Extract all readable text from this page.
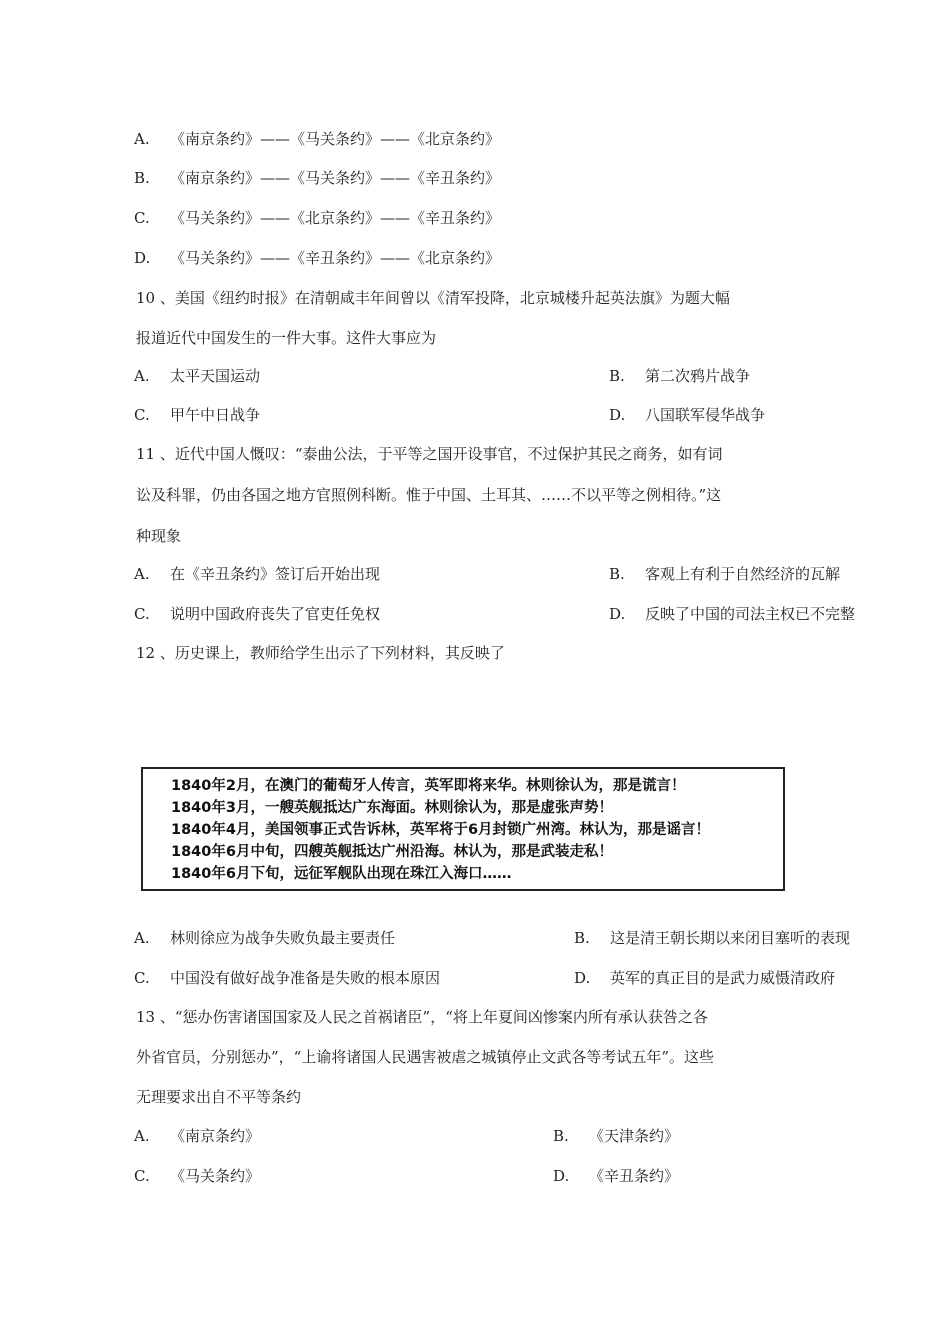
A. 《南京条约》——《马关条约》——《北京条约》
B. 《南京条约》——《马关条约》——《辛丑条约》
C. 《马关条约》——《北京条约》——《辛丑条约》
D. 《马关条约》——《辛丑条约》——《北京条约》
10 、美国《纽约时报》在清朝咸丰年间曾以《清军投降，北京城楼升起英法旗》为题大幅
报道近代中国发生的一件大事。这件大事应为
A. 太平天国运动	B. 第二次鸦片战争
C. 甲午中日战争	D. 八国联军侵华战争
11 、近代中国人慨叹：“泰曲公法，于平等之国开设事官，不过保护其民之商务，如有词
讼及科罪，仍由各国之地方官照例科断。惟于中国、土耳其、……不以平等之例相待。”这
种现象
A. 在《辛丑条约》签订后开始出现	B. 客观上有利于自然经济的瓦解
C. 说明中国政府丧失了官吏任免权	D. 反映了中国的司法主权已不完整
12 、历史课上，教师给学生出示了下列材料，其反映了
1840年2月，在澳门的葡萄牙人传言，英军即将来华。林则徐认为，那是谎言！
1840年3月，一艘英舰抵达广东海面。林则徐认为，那是虚张声势！
1840年4月，美国领事正式告诉林，英军将于6月封锁广州湾。林认为，那是谣言！
1840年6月中旬，四艘英舰抵达广州沿海。林认为，那是武装走私！
1840年6月下旬，远征军舰队出现在珠江入海口……
A. 林则徐应为战争失败负最主要责任	B. 这是清王朝长期以来闭目塞听的表现
C. 中国没有做好战争准备是失败的根本原因	D. 英军的真正目的是武力威慑清政府
13 、“惩办伤害诸国国家及人民之首祸诸臣”，“将上年夏间凶惨案内所有承认获咎之各
外省官员，分别惩办”，“上谕将诸国人民遇害被虐之城镇停止文武各等考试五年”。这些
无理要求出自不平等条约
A. 《南京条约》	B. 《天津条约》
C. 《马关条约》	D. 《辛丑条约》
